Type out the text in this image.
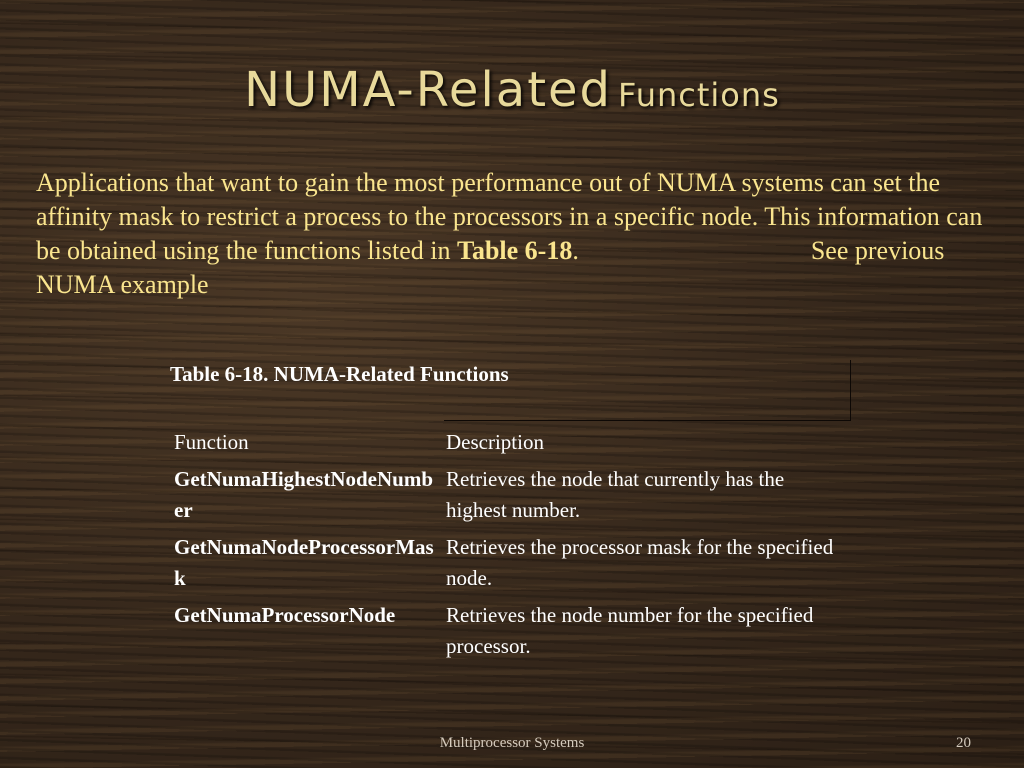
NUMA-Related Functions
Applications that want to gain the most performance out of NUMA systems can set the affinity mask to restrict a process to the processors in a specific node. This information can be obtained using the functions listed in Table 6-18.	See previous NUMA example
Table 6-18. NUMA-Related Functions
Function	Description
GetNumaHighestNodeNumber	Retrieves the node that currently has the highest number.
GetNumaNodeProcessorMask	Retrieves the processor mask for the specified node.
GetNumaProcessorNode	Retrieves the node number for the specified processor.
Multiprocessor Systems	20
